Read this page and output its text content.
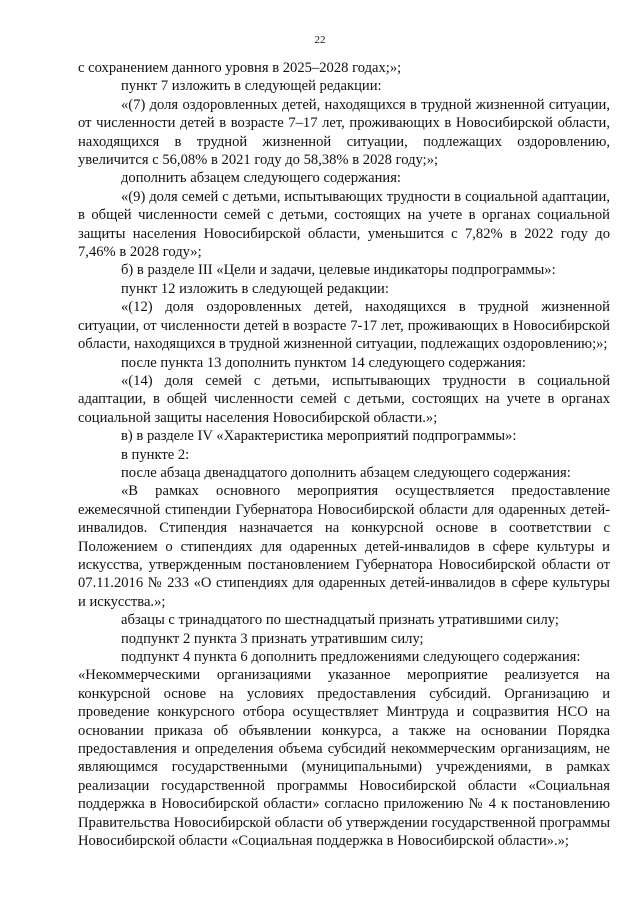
22

с сохранением данного уровня в 2025–2028 годах;»;

пункт 7 изложить в следующей редакции:

«(7) доля оздоровленных детей, находящихся в трудной жизненной ситуации, от численности детей в возрасте 7–17 лет, проживающих в Новосибирской области, находящихся в трудной жизненной ситуации, подлежащих оздоровлению, увеличится с 56,08% в 2021 году до 58,38% в 2028 году;»;

дополнить абзацем следующего содержания:

«(9) доля семей с детьми, испытывающих трудности в социальной адаптации, в общей численности семей с детьми, состоящих на учете в органах социальной защиты населения Новосибирской области, уменьшится с 7,82% в 2022 году до 7,46% в 2028 году»;

б) в разделе III «Цели и задачи, целевые индикаторы подпрограммы»:

пункт 12 изложить в следующей редакции:

«(12) доля оздоровленных детей, находящихся в трудной жизненной ситуации, от численности детей в возрасте 7-17 лет, проживающих в Новосибирской области, находящихся в трудной жизненной ситуации, подлежащих оздоровлению;»;

после пункта 13 дополнить пунктом 14 следующего содержания:

«(14) доля семей с детьми, испытывающих трудности в социальной адаптации, в общей численности семей с детьми, состоящих на учете в органах социальной защиты населения Новосибирской области.»;

в) в разделе IV «Характеристика мероприятий подпрограммы»:

в пункте 2:

после абзаца двенадцатого дополнить абзацем следующего содержания:

«В рамках основного мероприятия осуществляется предоставление ежемесячной стипендии Губернатора Новосибирской области для одаренных детей-инвалидов. Стипендия назначается на конкурсной основе в соответствии с Положением о стипендиях для одаренных детей-инвалидов в сфере культуры и искусства, утвержденным постановлением Губернатора Новосибирской области от 07.11.2016 № 233 «О стипендиях для одаренных детей-инвалидов в сфере культуры и искусства.»;

абзацы с тринадцатого по шестнадцатый признать утратившими силу;

подпункт 2 пункта 3 признать утратившим силу;

подпункт 4 пункта 6 дополнить предложениями следующего содержания:

«Некоммерческими организациями указанное мероприятие реализуется на конкурсной основе на условиях предоставления субсидий. Организацию и проведение конкурсного отбора осуществляет Минтруда и соцразвития НСО на основании приказа об объявлении конкурса, а также на основании Порядка предоставления и определения объема субсидий некоммерческим организациям, не являющимся государственными (муниципальными) учреждениями, в рамках реализации государственной программы Новосибирской области «Социальная поддержка в Новосибирской области» согласно приложению № 4 к постановлению Правительства Новосибирской области об утверждении государственной программы Новосибирской области «Социальная поддержка в Новосибирской области».»;
